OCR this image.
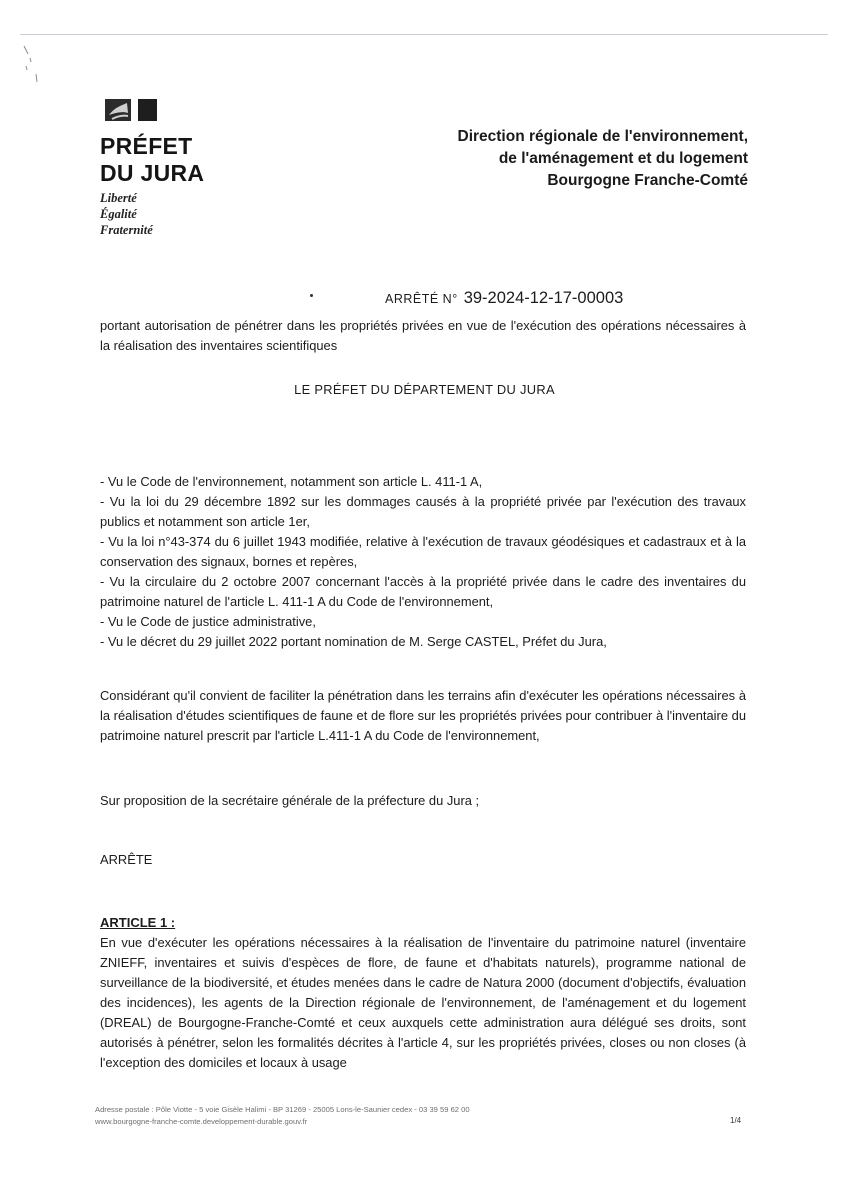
PRÉFET
DU JURA
Liberté
Égalité
Fraternité
Direction régionale de l'environnement,
de l'aménagement et du logement
Bourgogne Franche-Comté
ARRÊTÉ N° 39-2024-12-17-00003
portant autorisation de pénétrer dans les propriétés privées en vue de l'exécution des opérations nécessaires à la réalisation des inventaires scientifiques
LE PRÉFET DU DÉPARTEMENT DU JURA
- Vu le Code de l'environnement, notamment son article L. 411-1 A,
- Vu la loi du 29 décembre 1892 sur les dommages causés à la propriété privée par l'exécution des travaux publics et notamment son article 1er,
- Vu la loi n°43-374 du 6 juillet 1943 modifiée, relative à l'exécution de travaux géodésiques et cadastraux et à la conservation des signaux, bornes et repères,
- Vu la circulaire du 2 octobre 2007 concernant l'accès à la propriété privée dans le cadre des inventaires du patrimoine naturel de l'article L. 411-1 A du Code de l'environnement,
- Vu le Code de justice administrative,
- Vu le décret du 29 juillet 2022 portant nomination de M. Serge CASTEL, Préfet du Jura,
Considérant qu'il convient de faciliter la pénétration dans les terrains afin d'exécuter les opérations nécessaires à la réalisation d'études scientifiques de faune et de flore sur les propriétés privées pour contribuer à l'inventaire du patrimoine naturel prescrit par l'article L.411-1 A du Code de l'environnement,
Sur proposition de la secrétaire générale de la préfecture du Jura ;
ARRÊTE
ARTICLE 1 :
En vue d'exécuter les opérations nécessaires à la réalisation de l'inventaire du patrimoine naturel (inventaire ZNIEFF, inventaires et suivis d'espèces de flore, de faune et d'habitats naturels), programme national de surveillance de la biodiversité, et études menées dans le cadre de Natura 2000 (document d'objectifs, évaluation des incidences), les agents de la Direction régionale de l'environnement, de l'aménagement et du logement (DREAL) de Bourgogne-Franche-Comté et ceux auxquels cette administration aura délégué ses droits, sont autorisés à pénétrer, selon les formalités décrites à l'article 4, sur les propriétés privées, closes ou non closes (à l'exception des domiciles et locaux à usage
Adresse postale : Pôle Viotte - 5 voie Gisèle Halimi - BP 31269 - 25005 Lons-le-Saunier cedex - 03 39 59 62 00
www.bourgogne-franche-comte.developpement-durable.gouv.fr	1/4
